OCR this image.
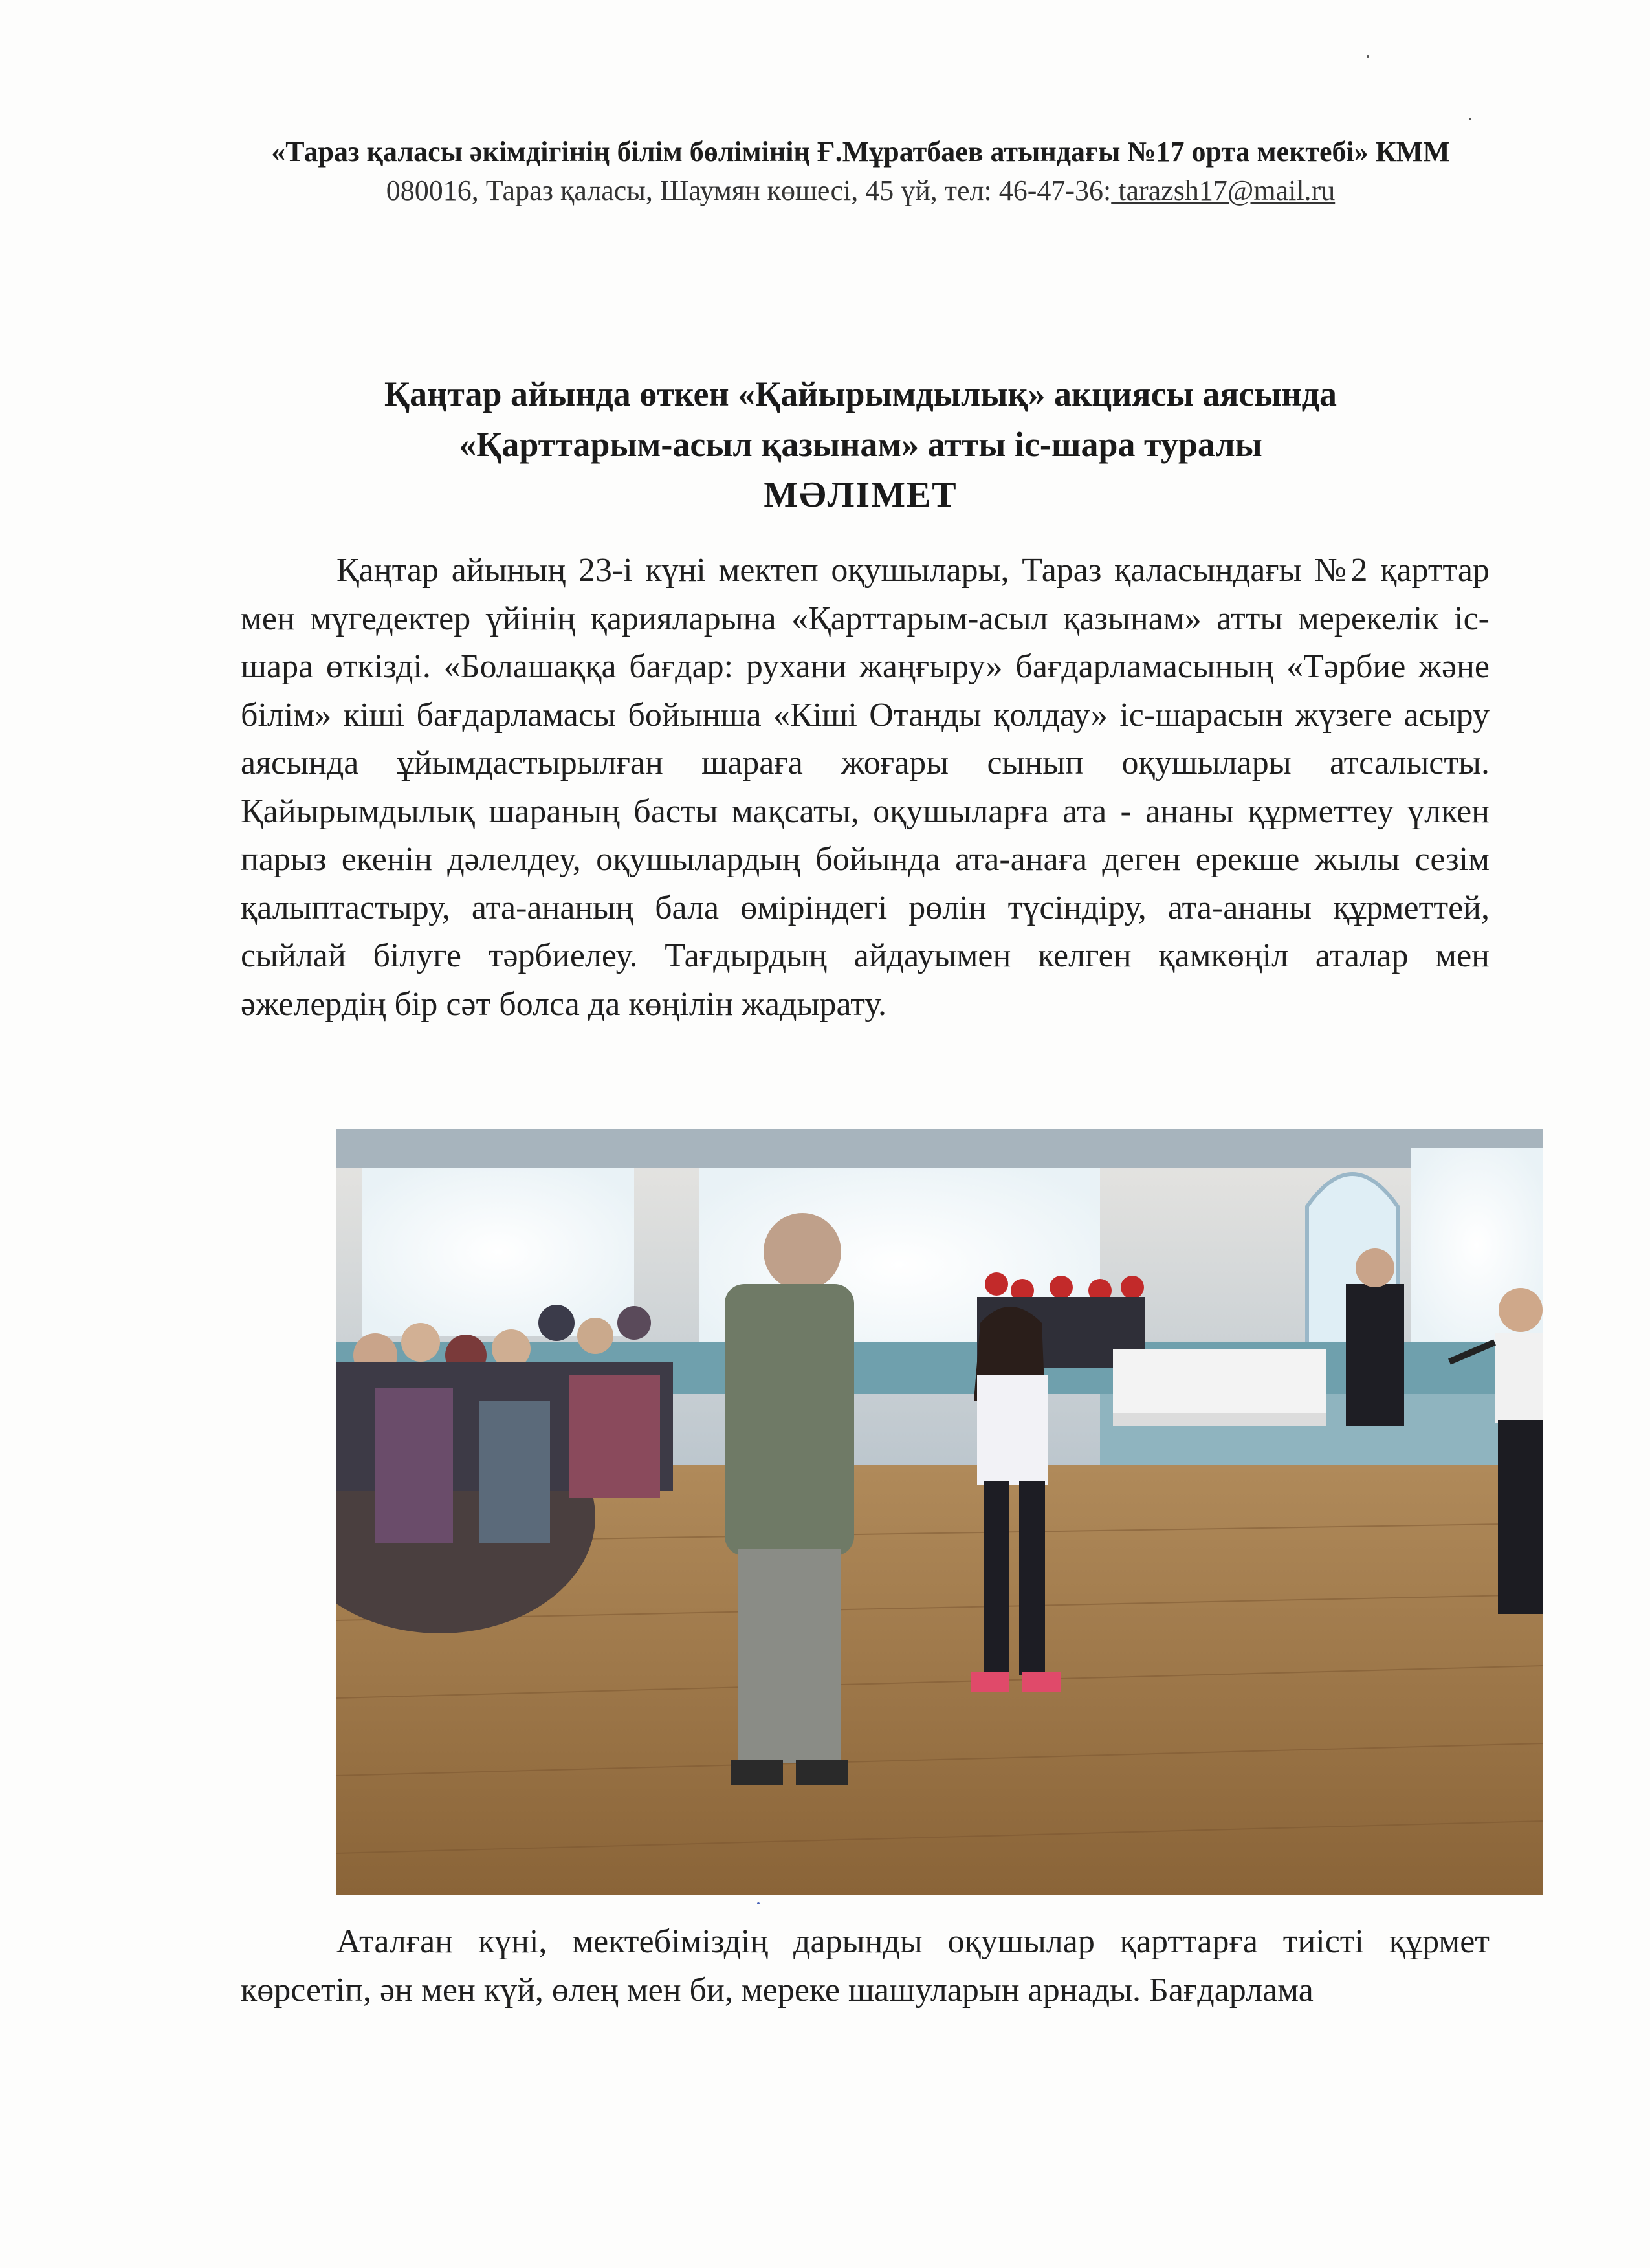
«Тараз қаласы әкімдігінің білім бөлімінің Ғ.Мұратбаев атындағы №17 орта мектебі» КММ
080016, Тараз қаласы, Шаумян көшесі, 45 үй, тел: 46-47-36: tarazsh17@mail.ru
Қаңтар айында өткен «Қайырымдылық» акциясы аясында
«Қарттарым-асыл қазынам» атты іс-шара туралы
МӘЛІМЕТ
Қаңтар айының 23-і күні мектеп оқушылары, Тараз қаласындағы №2 қарттар мен мүгедектер үйінің қарияларына «Қарттарым-асыл қазынам» атты мерекелік іс-шара өткізді. «Болашаққа бағдар: рухани жаңғыру» бағдарламасының «Тәрбие және білім» кіші бағдарламасы бойынша «Кіші Отанды қолдау» іс-шарасын жүзеге асыру аясында ұйымдастырылған шараға жоғары сынып оқушылары атсалысты. Қайырымдылық шараның басты мақсаты, оқушыларға ата - ананы құрметтеу үлкен парыз екенін дәлелдеу, оқушылардың бойында ата-анаға деген ерекше жылы сезім қалыптастыру, ата-ананың бала өміріндегі рөлін түсіндіру, ата-ананы құрметтей, сыйлай білуге тәрбиелеу. Тағдырдың айдауымен келген қамкөңіл аталар мен әжелердің бір сәт болса да көңілін жадырату.
Аталған күні, мектебіміздің дарынды оқушылар қарттарға тиісті құрмет көрсетіп, ән мен күй, өлең мен би, мереке шашуларын арнады. Бағдарлама
